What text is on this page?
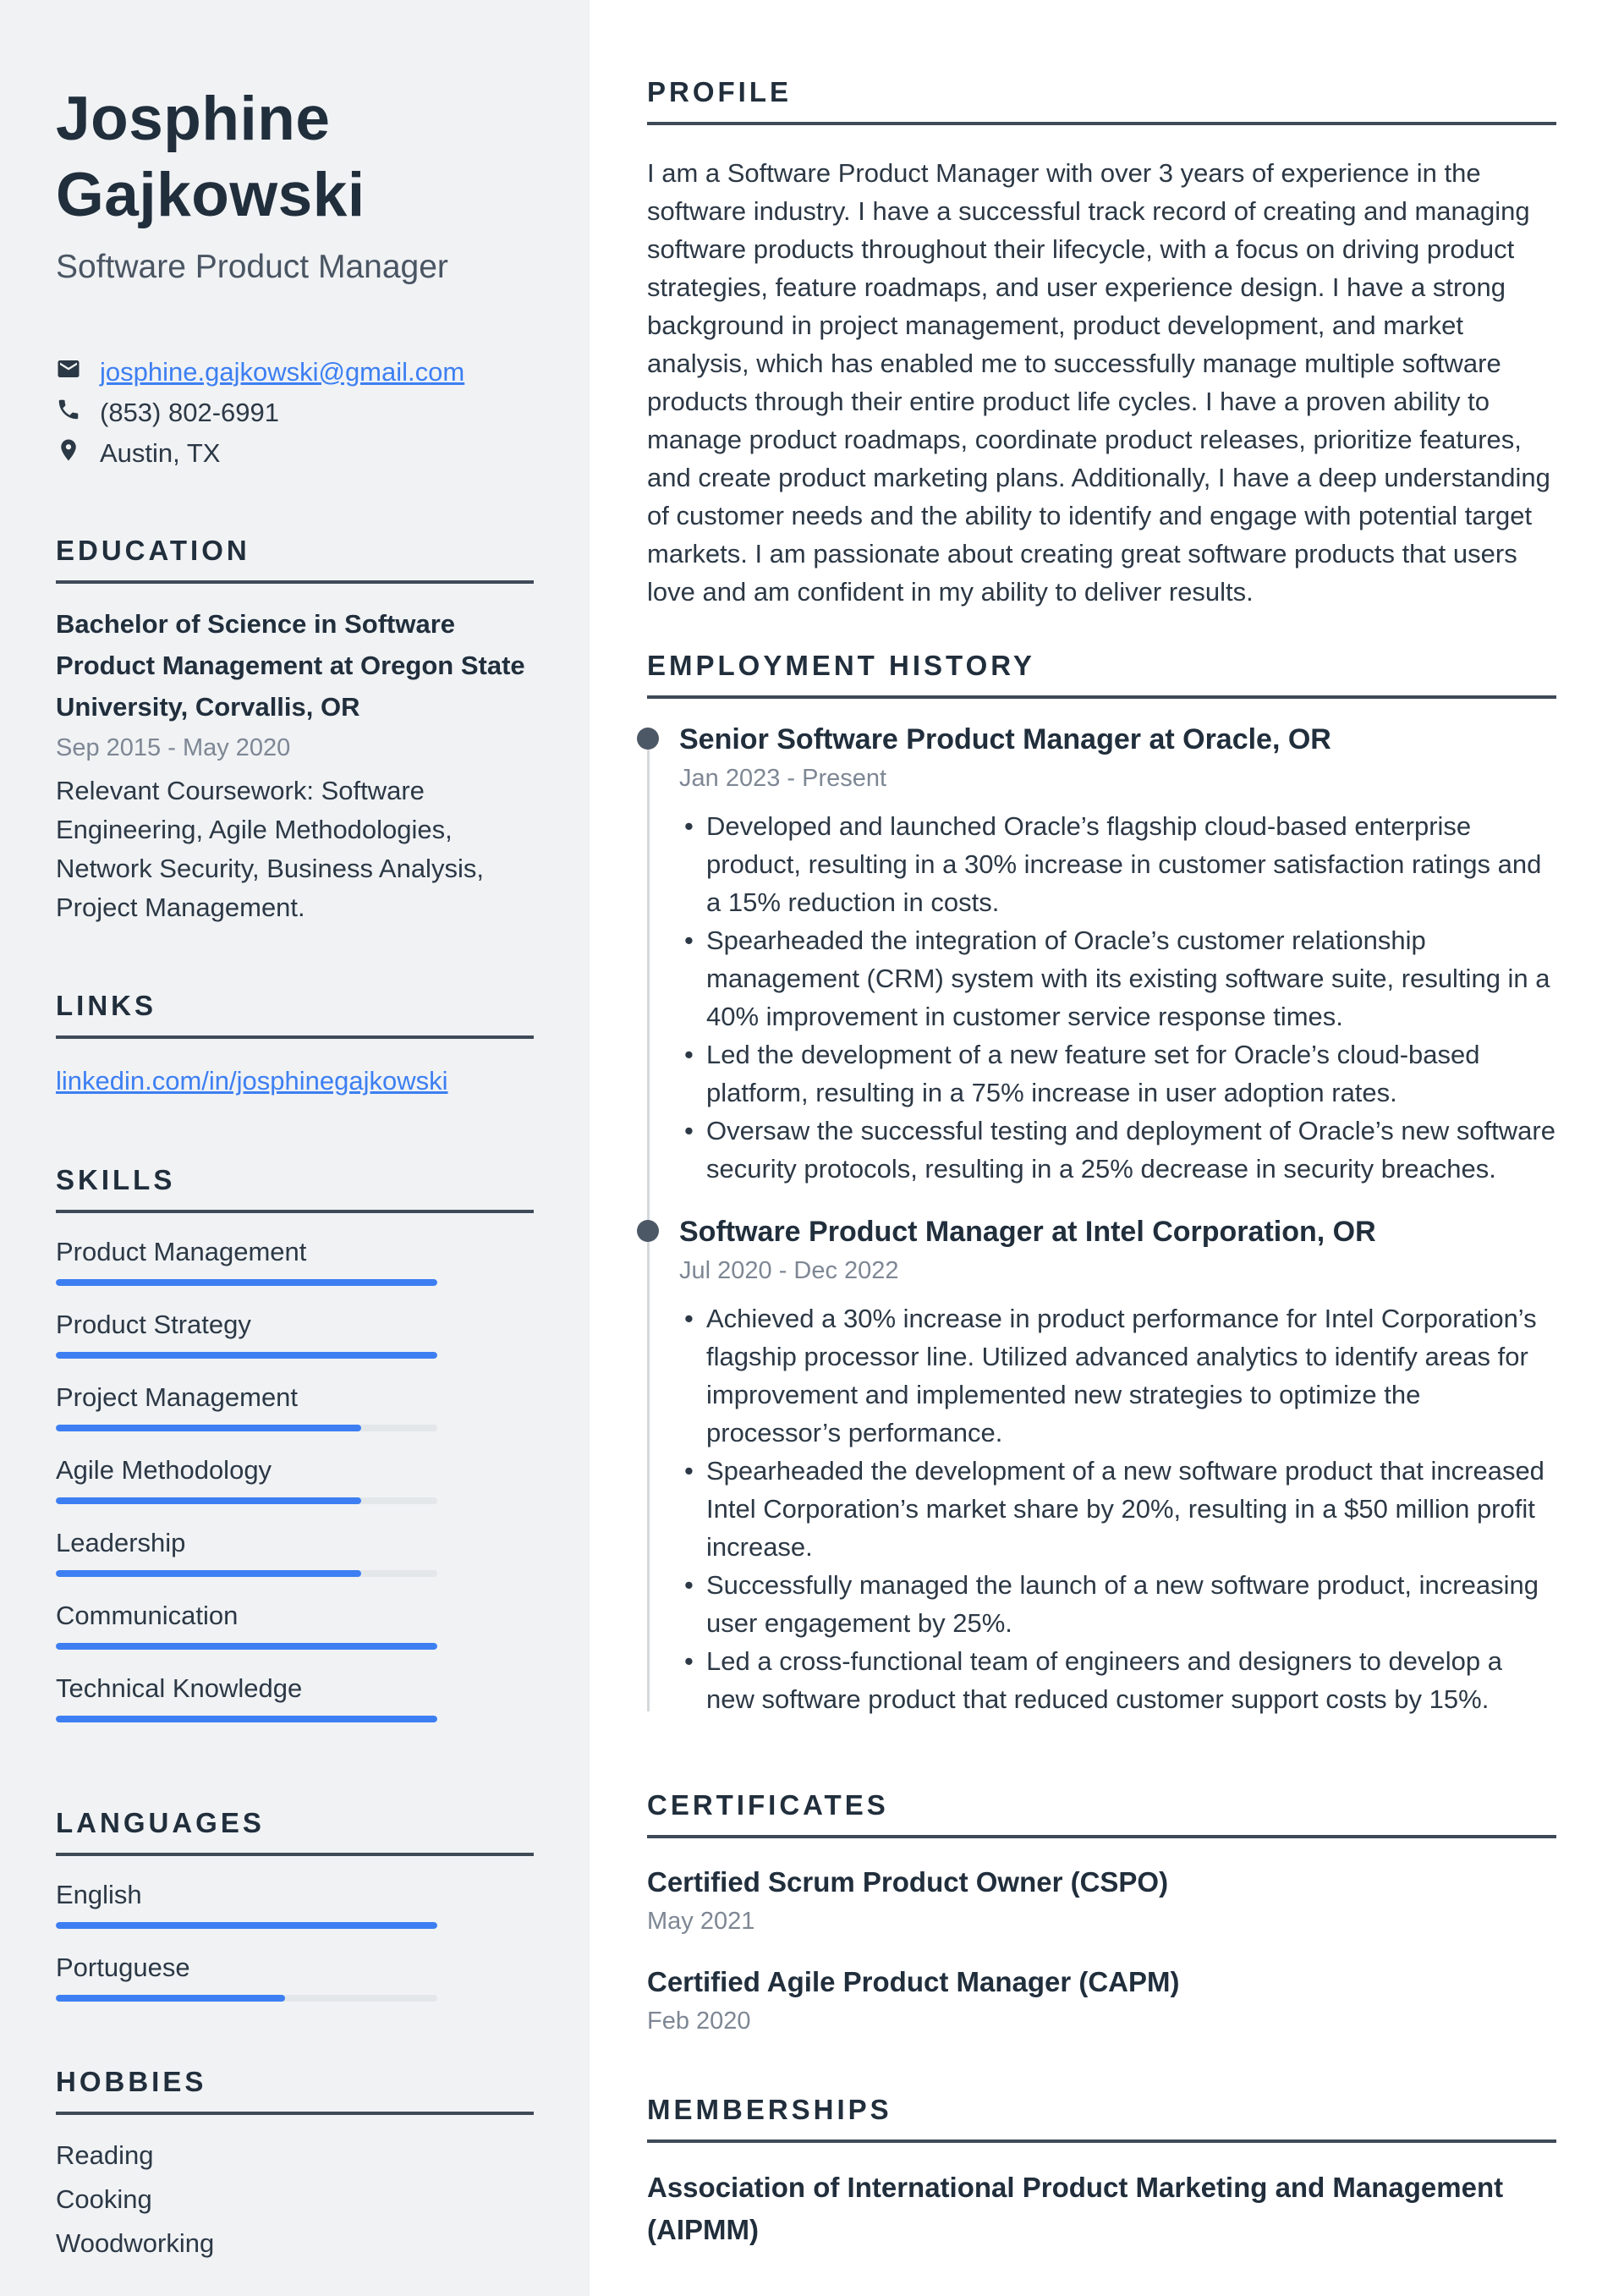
Josphine Gajkowski
Software Product Manager
josphine.gajkowski@gmail.com
(853) 802-6991
Austin, TX
EDUCATION
Bachelor of Science in Software Product Management at Oregon State University, Corvallis, OR
Sep 2015 - May 2020
Relevant Coursework: Software Engineering, Agile Methodologies, Network Security, Business Analysis, Project Management.
LINKS
linkedin.com/in/josphinegajkowski
SKILLS
Product Management
Product Strategy
Project Management
Agile Methodology
Leadership
Communication
Technical Knowledge
LANGUAGES
English
Portuguese
HOBBIES
Reading
Cooking
Woodworking
PROFILE

I am a Software Product Manager with over 3 years of experience in the software industry. I have a successful track record of creating and managing software products throughout their lifecycle, with a focus on driving product strategies, feature roadmaps, and user experience design. I have a strong background in project management, product development, and market analysis, which has enabled me to successfully manage multiple software products through their entire product life cycles. I have a proven ability to manage product roadmaps, coordinate product releases, prioritize features, and create product marketing plans. Additionally, I have a deep understanding of customer needs and the ability to identify and engage with potential target markets. I am passionate about creating great software products that users love and am confident in my ability to deliver results.

EMPLOYMENT HISTORY
Senior Software Product Manager at Oracle, OR
Jan 2023 - Present
• Developed and launched Oracle’s flagship cloud-based enterprise product, resulting in a 30% increase in customer satisfaction ratings and a 15% reduction in costs.
• Spearheaded the integration of Oracle’s customer relationship management (CRM) system with its existing software suite, resulting in a 40% improvement in customer service response times.
• Led the development of a new feature set for Oracle’s cloud-based platform, resulting in a 75% increase in user adoption rates.
• Oversaw the successful testing and deployment of Oracle’s new software security protocols, resulting in a 25% decrease in security breaches.
Software Product Manager at Intel Corporation, OR
Jul 2020 - Dec 2022
• Achieved a 30% increase in product performance for Intel Corporation’s flagship processor line. Utilized advanced analytics to identify areas for improvement and implemented new strategies to optimize the processor’s performance.
• Spearheaded the development of a new software product that increased Intel Corporation’s market share by 20%, resulting in a $50 million profit increase.
• Successfully managed the launch of a new software product, increasing user engagement by 25%.
• Led a cross-functional team of engineers and designers to develop a new software product that reduced customer support costs by 15%.
CERTIFICATES
Certified Scrum Product Owner (CSPO)
May 2021
Certified Agile Product Manager (CAPM)
Feb 2020
MEMBERSHIPS
Association of International Product Marketing and Management (AIPMM)
